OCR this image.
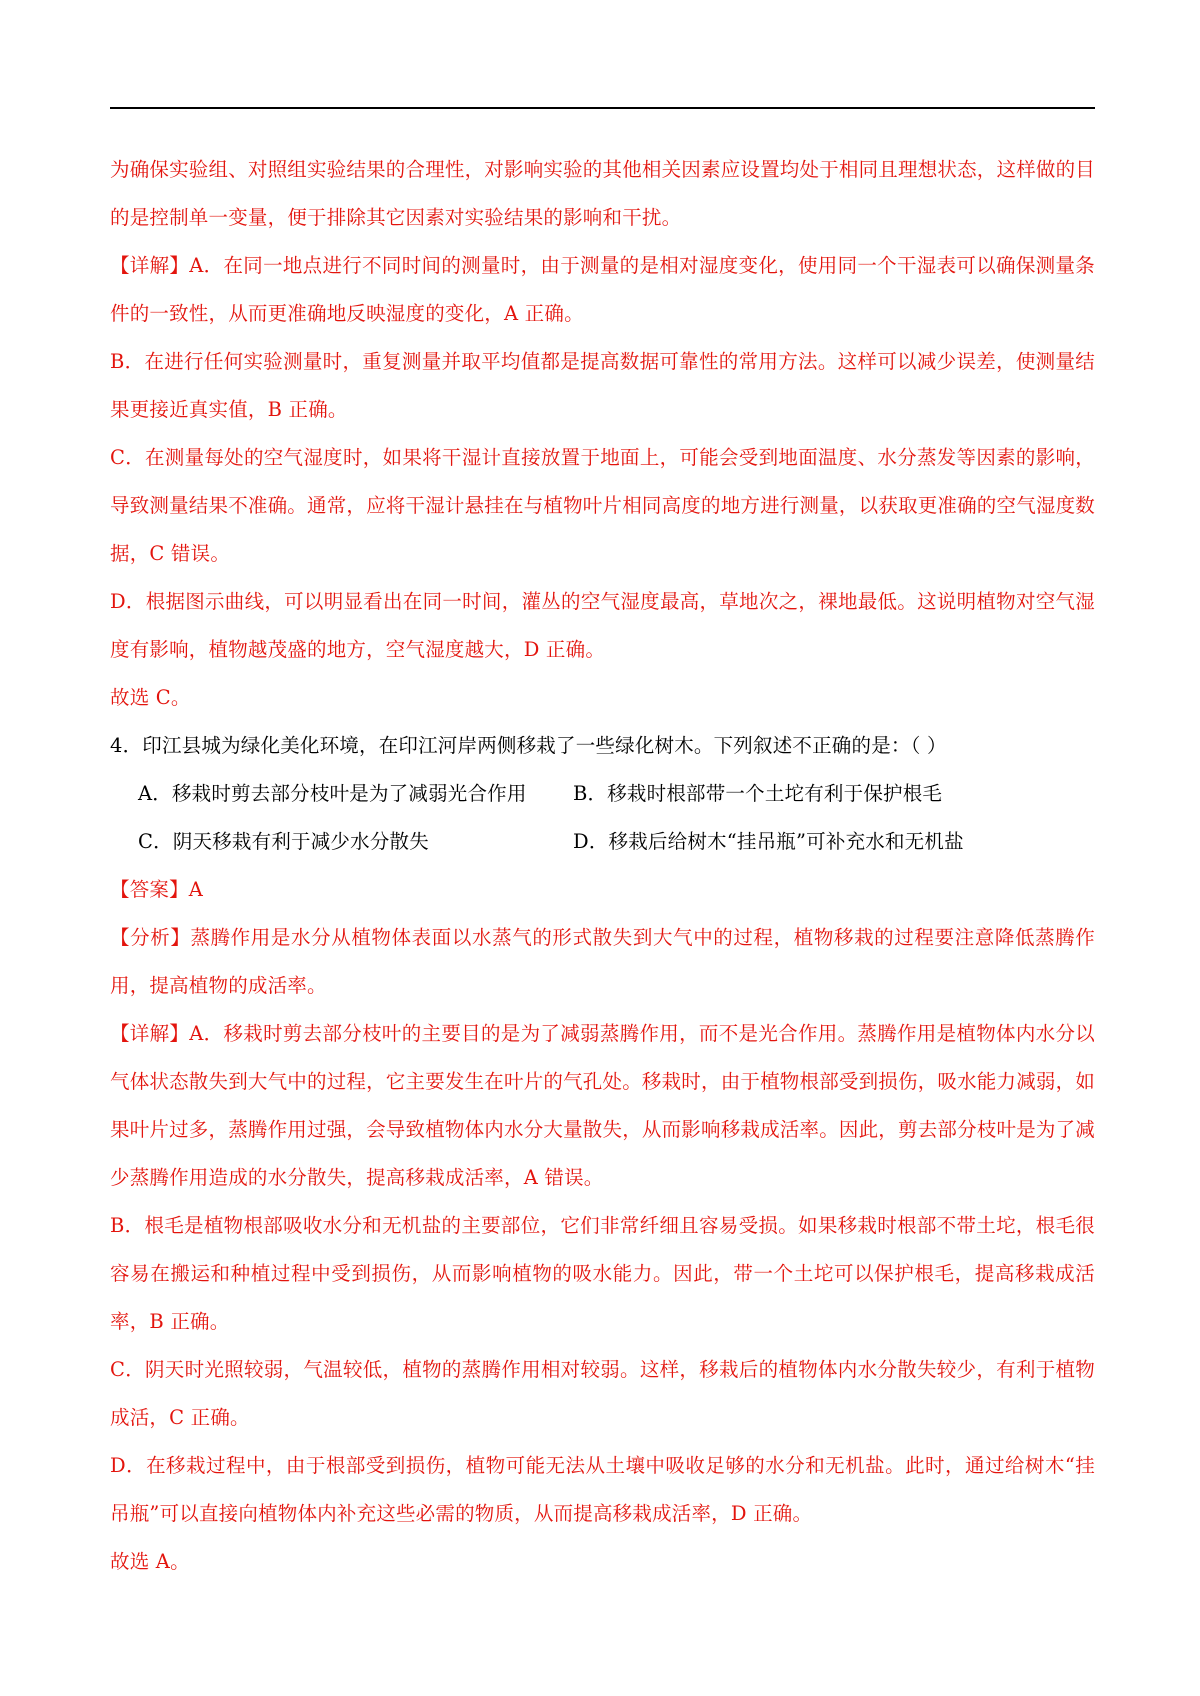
为确保实验组、对照组实验结果的合理性，对影响实验的其他相关因素应设置均处于相同且理想状态，这样做的目的是控制单一变量，便于排除其它因素对实验结果的影响和干扰。

【详解】A．在同一地点进行不同时间的测量时，由于测量的是相对湿度变化，使用同一个干湿表可以确保测量条件的一致性，从而更准确地反映湿度的变化，A 正确。

B．在进行任何实验测量时，重复测量并取平均值都是提高数据可靠性的常用方法。这样可以减少误差，使测量结果更接近真实值，B 正确。

C．在测量每处的空气湿度时，如果将干湿计直接放置于地面上，可能会受到地面温度、水分蒸发等因素的影响，导致测量结果不准确。通常，应将干湿计悬挂在与植物叶片相同高度的地方进行测量，以获取更准确的空气湿度数据，C 错误。

D．根据图示曲线，可以明显看出在同一时间，灌丛的空气湿度最高，草地次之，裸地最低。这说明植物对空气湿度有影响，植物越茂盛的地方，空气湿度越大，D 正确。

故选 C。

4．印江县城为绿化美化环境，在印江河岸两侧移栽了一些绿化树木。下列叙述不正确的是：（ ）

A．移栽时剪去部分枝叶是为了减弱光合作用	B．移栽时根部带一个土坨有利于保护根毛
C．阴天移栽有利于减少水分散失	D．移栽后给树木“挂吊瓶”可补充水和无机盐

【答案】A

【分析】蒸腾作用是水分从植物体表面以水蒸气的形式散失到大气中的过程，植物移栽的过程要注意降低蒸腾作用，提高植物的成活率。

【详解】A．移栽时剪去部分枝叶的主要目的是为了减弱蒸腾作用，而不是光合作用。蒸腾作用是植物体内水分以气体状态散失到大气中的过程，它主要发生在叶片的气孔处。移栽时，由于植物根部受到损伤，吸水能力减弱，如果叶片过多，蒸腾作用过强，会导致植物体内水分大量散失，从而影响移栽成活率。因此，剪去部分枝叶是为了减少蒸腾作用造成的水分散失，提高移栽成活率，A 错误。

B．根毛是植物根部吸收水分和无机盐的主要部位，它们非常纤细且容易受损。如果移栽时根部不带土坨，根毛很容易在搬运和种植过程中受到损伤，从而影响植物的吸水能力。因此，带一个土坨可以保护根毛，提高移栽成活率，B 正确。

C．阴天时光照较弱，气温较低，植物的蒸腾作用相对较弱。这样，移栽后的植物体内水分散失较少，有利于植物成活，C 正确。

D．在移栽过程中，由于根部受到损伤，植物可能无法从土壤中吸收足够的水分和无机盐。此时，通过给树木“挂吊瓶”可以直接向植物体内补充这些必需的物质，从而提高移栽成活率，D 正确。

故选 A。
